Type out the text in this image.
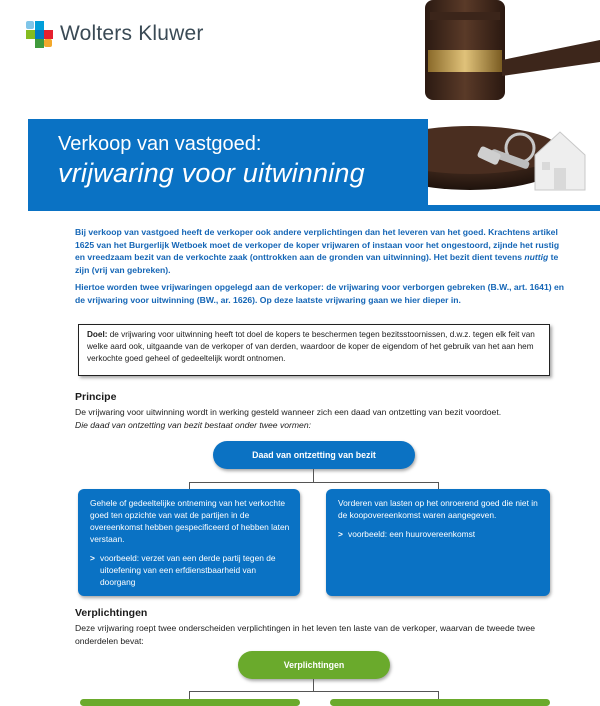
Wolters Kluwer
Verkoop van vastgoed:
vrijwaring voor uitwinning
Bij verkoop van vastgoed heeft de verkoper ook andere verplichtingen dan het leveren van het goed. Krachtens artikel 1625 van het Burgerlijk Wetboek moet de verkoper de koper vrijwaren of instaan voor het ongestoord, zijnde het rustig en vreedzaam bezit van de verkochte zaak (onttrokken aan de gronden van uitwinning). Het bezit dient tevens nuttig te zijn (vrij van gebreken).
Hiertoe worden twee vrijwaringen opgelegd aan de verkoper: de vrijwaring voor verborgen gebreken (B.W., art. 1641) en de vrijwaring voor uitwinning (BW., ar. 1626). Op deze laatste vrijwaring gaan we hier dieper in.
Doel: de vrijwaring voor uitwinning heeft tot doel de kopers te beschermen tegen bezitsstoornissen, d.w.z. tegen elk feit van welke aard ook, uitgaande van de verkoper of van derden, waardoor de koper de eigendom of het gebruik van het aan hem verkochte goed geheel of gedeeltelijk wordt ontnomen.
Principe
De vrijwaring voor uitwinning wordt in werking gesteld wanneer zich een daad van ontzetting van bezit voordoet.
Die daad van ontzetting van bezit bestaat onder twee vormen:
Daad van ontzetting van bezit
Gehele of gedeeltelijke ontneming van het verkochte goed ten opzichte van wat de partijen in de overeenkomst hebben gespecificeerd of hebben laten verstaan.
> voorbeeld: verzet van een derde partij tegen de uitoefening van een erfdienstbaarheid van doorgang
Vorderen van lasten op het onroerend goed die niet in de koopovereenkomst waren aangegeven.
> voorbeeld: een huurovereenkomst
Verplichtingen
Deze vrijwaring roept twee onderscheiden verplichtingen in het leven ten laste van de verkoper, waarvan de tweede twee onderdelen bevat:
Verplichtingen
